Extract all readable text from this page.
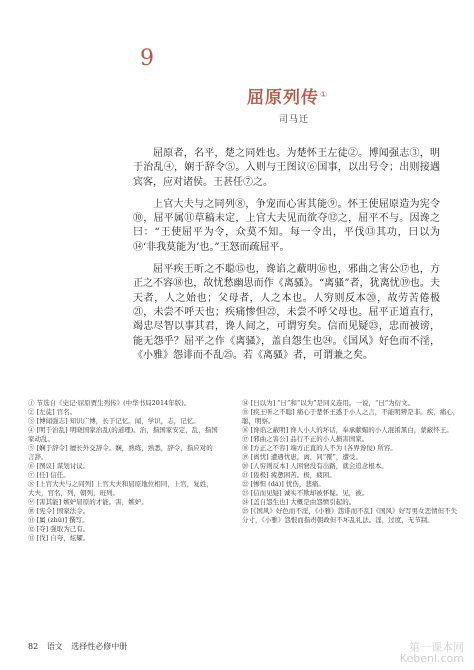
9
屈原列传①
司马迁

屈原者，名平，楚之同姓也。为楚怀王左徒②。博闻强志③，明于治乱④，娴于辞令⑤。入则与王图议⑥国事，以出号令；出则接遇宾客，应对诸侯。王甚任⑦之。

上官大夫与之同列⑧，争宠而心害其能⑨。怀王使屈原造为宪令⑩，屈平属⑪草稿未定，上官大夫见而欲夺⑫之，屈平不与。因谗之曰：“王使屈平为令，众莫不知。每一令出，平伐⑬其功，曰以为⑭‘非我莫能为’也。”王怒而疏屈平。

屈平疾王听之不聪⑮也，谗谄之蔽明⑯也，邪曲之害公⑰也，方正之不容⑱也，故忧愁幽思而作《离骚》。“离骚”者，犹离忧⑲也。夫天者，人之始也；父母者，人之本也。人穷则反本⑳，故劳苦倦极㉑，未尝不呼天也；疾痛惨怛㉒，未尝不呼父母也。屈平正道直行，竭忠尽智以事其君，谗人间之，可谓穷矣。信而见疑㉓，忠而被谤，能无怨乎？屈平之作《离骚》，盖自怨生也㉔。《国风》好色而不淫，《小雅》怨诽而不乱㉕。若《离骚》者，可谓兼之矣。

① 节选自《史记·屈原贾生列传》(中华书局2014年版)。

② [左徒] 官名。

③ [博闻强志] 知识广博，长于记忆。闻，学识，志，记忆。

④ [明于治乱] 明晓国家治乱(的道理)。治，指国家安定，乱，指国家动乱。

⑤ [娴于辞令] 擅长外交辞令。娴，熟练，熟悉，辞令，指应对的言辞。

⑥ [图议] 谋划讨议。

⑦ [任] 信任。

⑧ [上官大夫与之同列] 上官大夫和屈原地位相同，上官，复姓，大夫，官名，列，朝列，班列。

⑨ [害其能] 嫉妒屈原的才能。害，嫉妒。

⑩ [宪令] 国家法令。

⑪ [属 (zhǔ)] 撰写。

⑫ [夺] 强取为己有。

⑬ [伐] 自夸，炫耀。

⑭ [曰以为] “曰”和“以为”是同义连用。一说，“曰”为衍文。

⑮ [疾王听之不聪] 痛心于楚怀王惑于小人之言，不能明辨是非。疾，痛心，聪，明察。

⑯ [谗谄之蔽明] 谗人小人的坏话，奉承献媚的小人混淆黑白，蒙蔽怀王。

⑰ [邪曲之害公] 品行不正的小人损害国家。

⑱ [方正之不容] 端方正直的人不为 (各界谗佞) 所容。

⑲ [离忧] 遭遇忧患。离，同“罹”，遭受。

⑳ [人穷则反本] 人困窘没有出路，就会追念根本。

㉑ [倦极] 疲惫困苦。极，疲困。

㉒ [惨怛 (dá)] 忧伤，悲痛。

㉓ [信而见疑] 诚实不欺却被怀疑。见，被。

㉔ [盖自怨生也] 大概是由怨愤引起的。

㉕ [《国风》好色而不淫，《小雅》怨诽而不乱]《国风》好写男女恋情但不失分寸，《小雅》怨恨而指责朝政但不坏乱礼法。淫，过度，无节制。

82 语文 选择性必修中册	第一课本网
Kebenl.com
